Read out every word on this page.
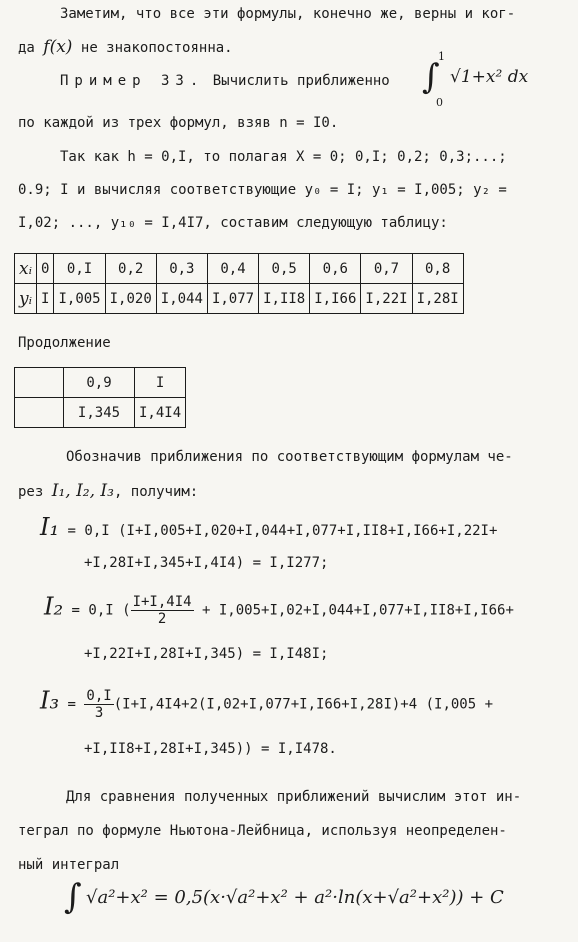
Заметим, что все эти формулы, конечно же, верны и ког-
да f(x) не знакопостоянна.
Пример 33. Вычислить приближенно ∫
1
0
√1+x² dx
по каждой из трех формул, взяв n = I0.
Так как h = 0,I, то полагая X = 0; 0,I; 0,2; 0,3;...;
0.9; I и вычисляя соответствующие y₀ = I; y₁ = I,005; y₂ =
I,02; ..., y₁₀ = I,4I7, составим следующую таблицу:
xᵢ	0	0,I	0,2	0,3	0,4	0,5	0,6	0,7	0,8
yᵢ	I	I,005	I,020	I,044	I,077	I,II8	I,I66	I,22I	I,28I
Продолжение
	0,9	I
	I,345	I,4I4
Обозначив приближения по соответствующим формулам че-
рез I₁, I₂, I₃, получим:
I₁ = 0,I (I+I,005+I,020+I,044+I,077+I,II8+I,I66+I,22I+
+I,28I+I,345+I,4I4) = I,I277;
I₂ = 0,I ( $\frac{I+I,4I4}{2} + I,005+I,02+I,044+I,077+I,II8+I,I66+$
+I,22I+I,28I+I,345) = I,I48I;
$I_3 = \frac{0,I}{3} (I+I,4I4+2(I,02+I,077+I,I66+I,28I)+4$ (I,005 +
+I,II8+I,28I+I,345)) = I,I478.
Для сравнения полученных приближений вычислим этот ин-
теграл по формуле Ньютона-Лейбница, используя неопределен-
ный интеграл
∫ √a²+x² = 0,5(x·√a²+x² + a²·ln(x+√a²+x²)) + C
